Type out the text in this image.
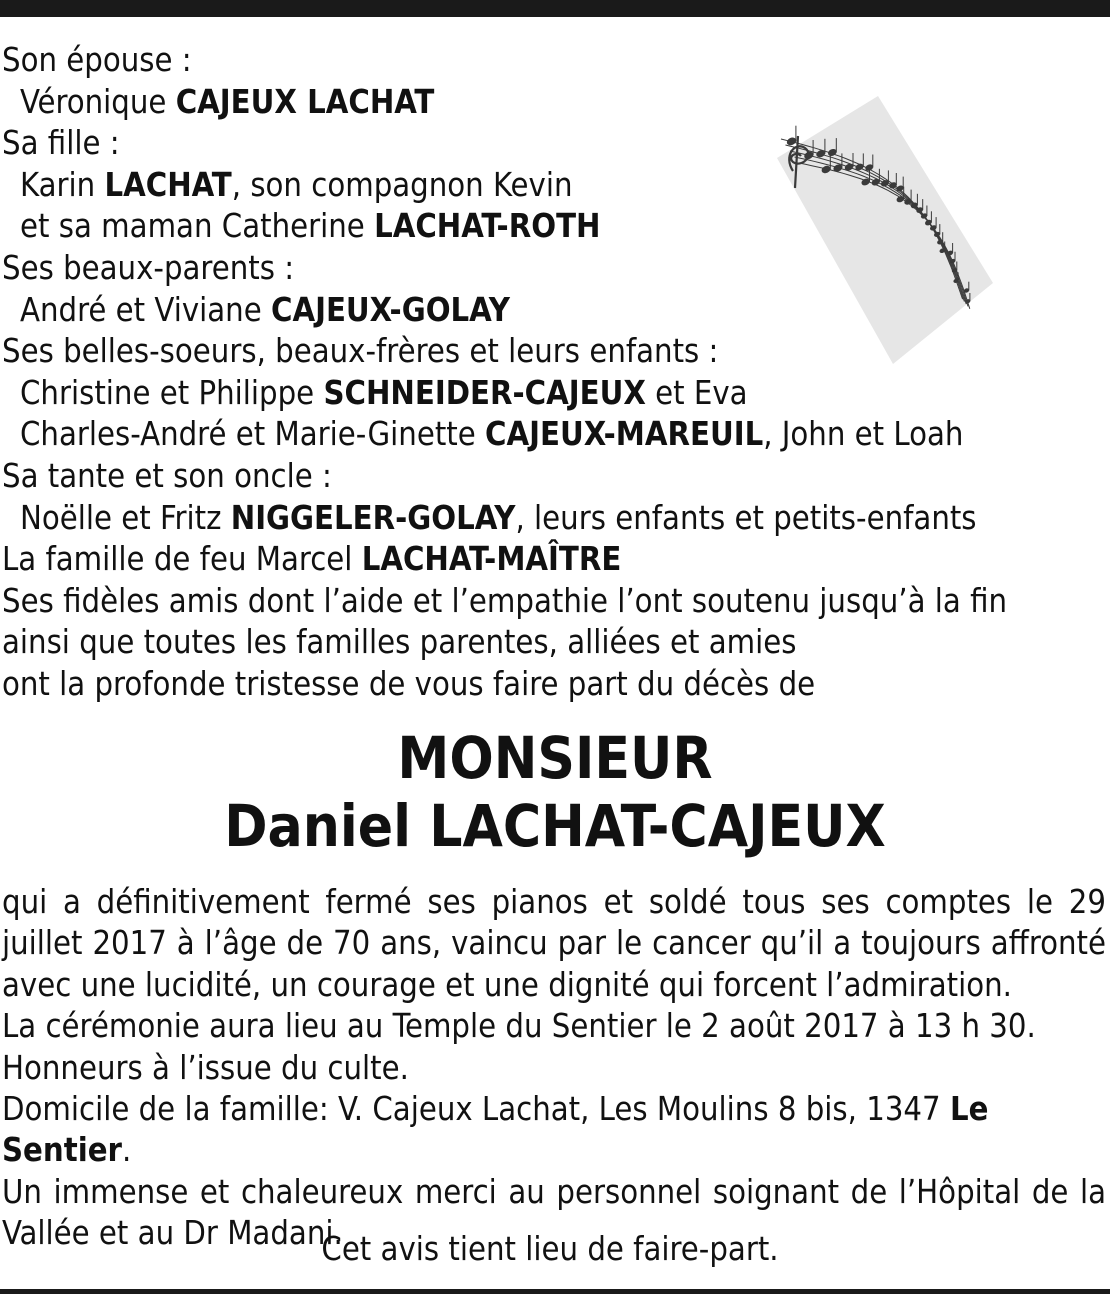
Son épouse :
Véronique CAJEUX LACHAT
Sa fille :
Karin LACHAT, son compagnon Kevin
et sa maman Catherine LACHAT-ROTH
Ses beaux-parents :
André et Viviane CAJEUX-GOLAY
Ses belles-soeurs, beaux-frères et leurs enfants :
Christine et Philippe SCHNEIDER-CAJEUX et Eva
Charles-André et Marie-Ginette CAJEUX-MAREUIL, John et Loah
Sa tante et son oncle :
Noëlle et Fritz NIGGELER-GOLAY, leurs enfants et petits-enfants
La famille de feu Marcel LACHAT-MAÎTRE
Ses fidèles amis dont l’aide et l’empathie l’ont soutenu jusqu’à la fin
ainsi que toutes les familles parentes, alliées et amies
ont la profonde tristesse de vous faire part du décès de
MONSIEUR
Daniel LACHAT-CAJEUX

qui a définitivement fermé ses pianos et soldé tous ses comptes le 29 juillet 2017 à l’âge de 70 ans, vaincu par le cancer qu’il a toujours affronté avec une lucidité, un courage et une dignité qui forcent l’admiration.

La cérémonie aura lieu au Temple du Sentier le 2 août 2017 à 13 h 30.

Honneurs à l’issue du culte.

Domicile de la famille: V. Cajeux Lachat, Les Moulins 8 bis, 1347 Le Sentier.

Un immense et chaleureux merci au personnel soignant de l’Hôpital de la Vallée et au Dr Madani.

Cet avis tient lieu de faire-part.
